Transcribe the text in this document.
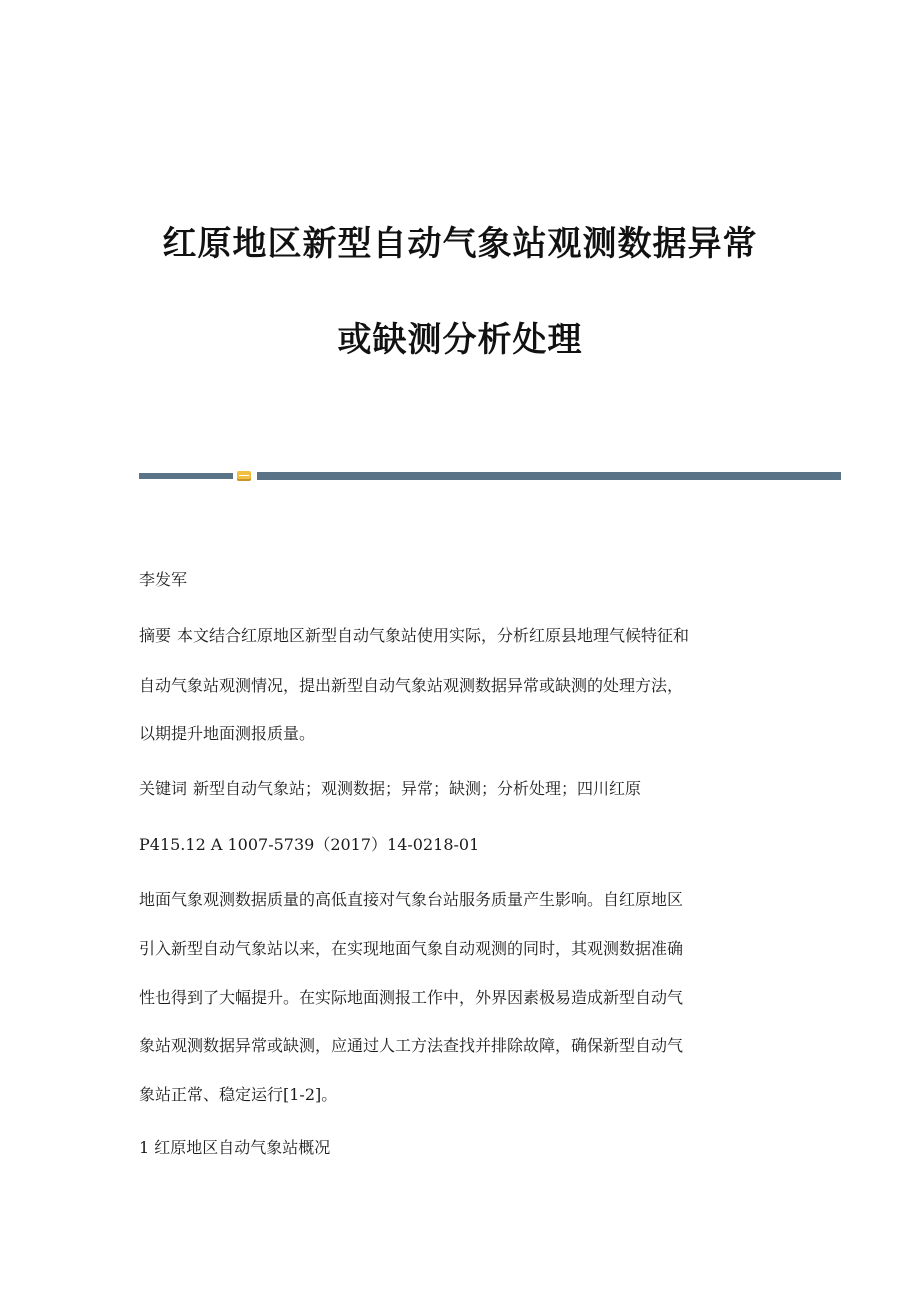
红原地区新型自动气象站观测数据异常
或缺测分析处理

李发军

摘要 本文结合红原地区新型自动气象站使用实际，分析红原县地理气候特征和

自动气象站观测情况，提出新型自动气象站观测数据异常或缺测的处理方法，

以期提升地面测报质量。

关键词 新型自动气象站；观测数据；异常；缺测；分析处理；四川红原

P415.12 A 1007-5739（2017）14-0218-01

地面气象观测数据质量的高低直接对气象台站服务质量产生影响。自红原地区

引入新型自动气象站以来，在实现地面气象自动观测的同时，其观测数据准确

性也得到了大幅提升。在实际地面测报工作中，外界因素极易造成新型自动气

象站观测数据异常或缺测，应通过人工方法查找并排除故障，确保新型自动气

象站正常、稳定运行[1-2]。

1 红原地区自动气象站概况
